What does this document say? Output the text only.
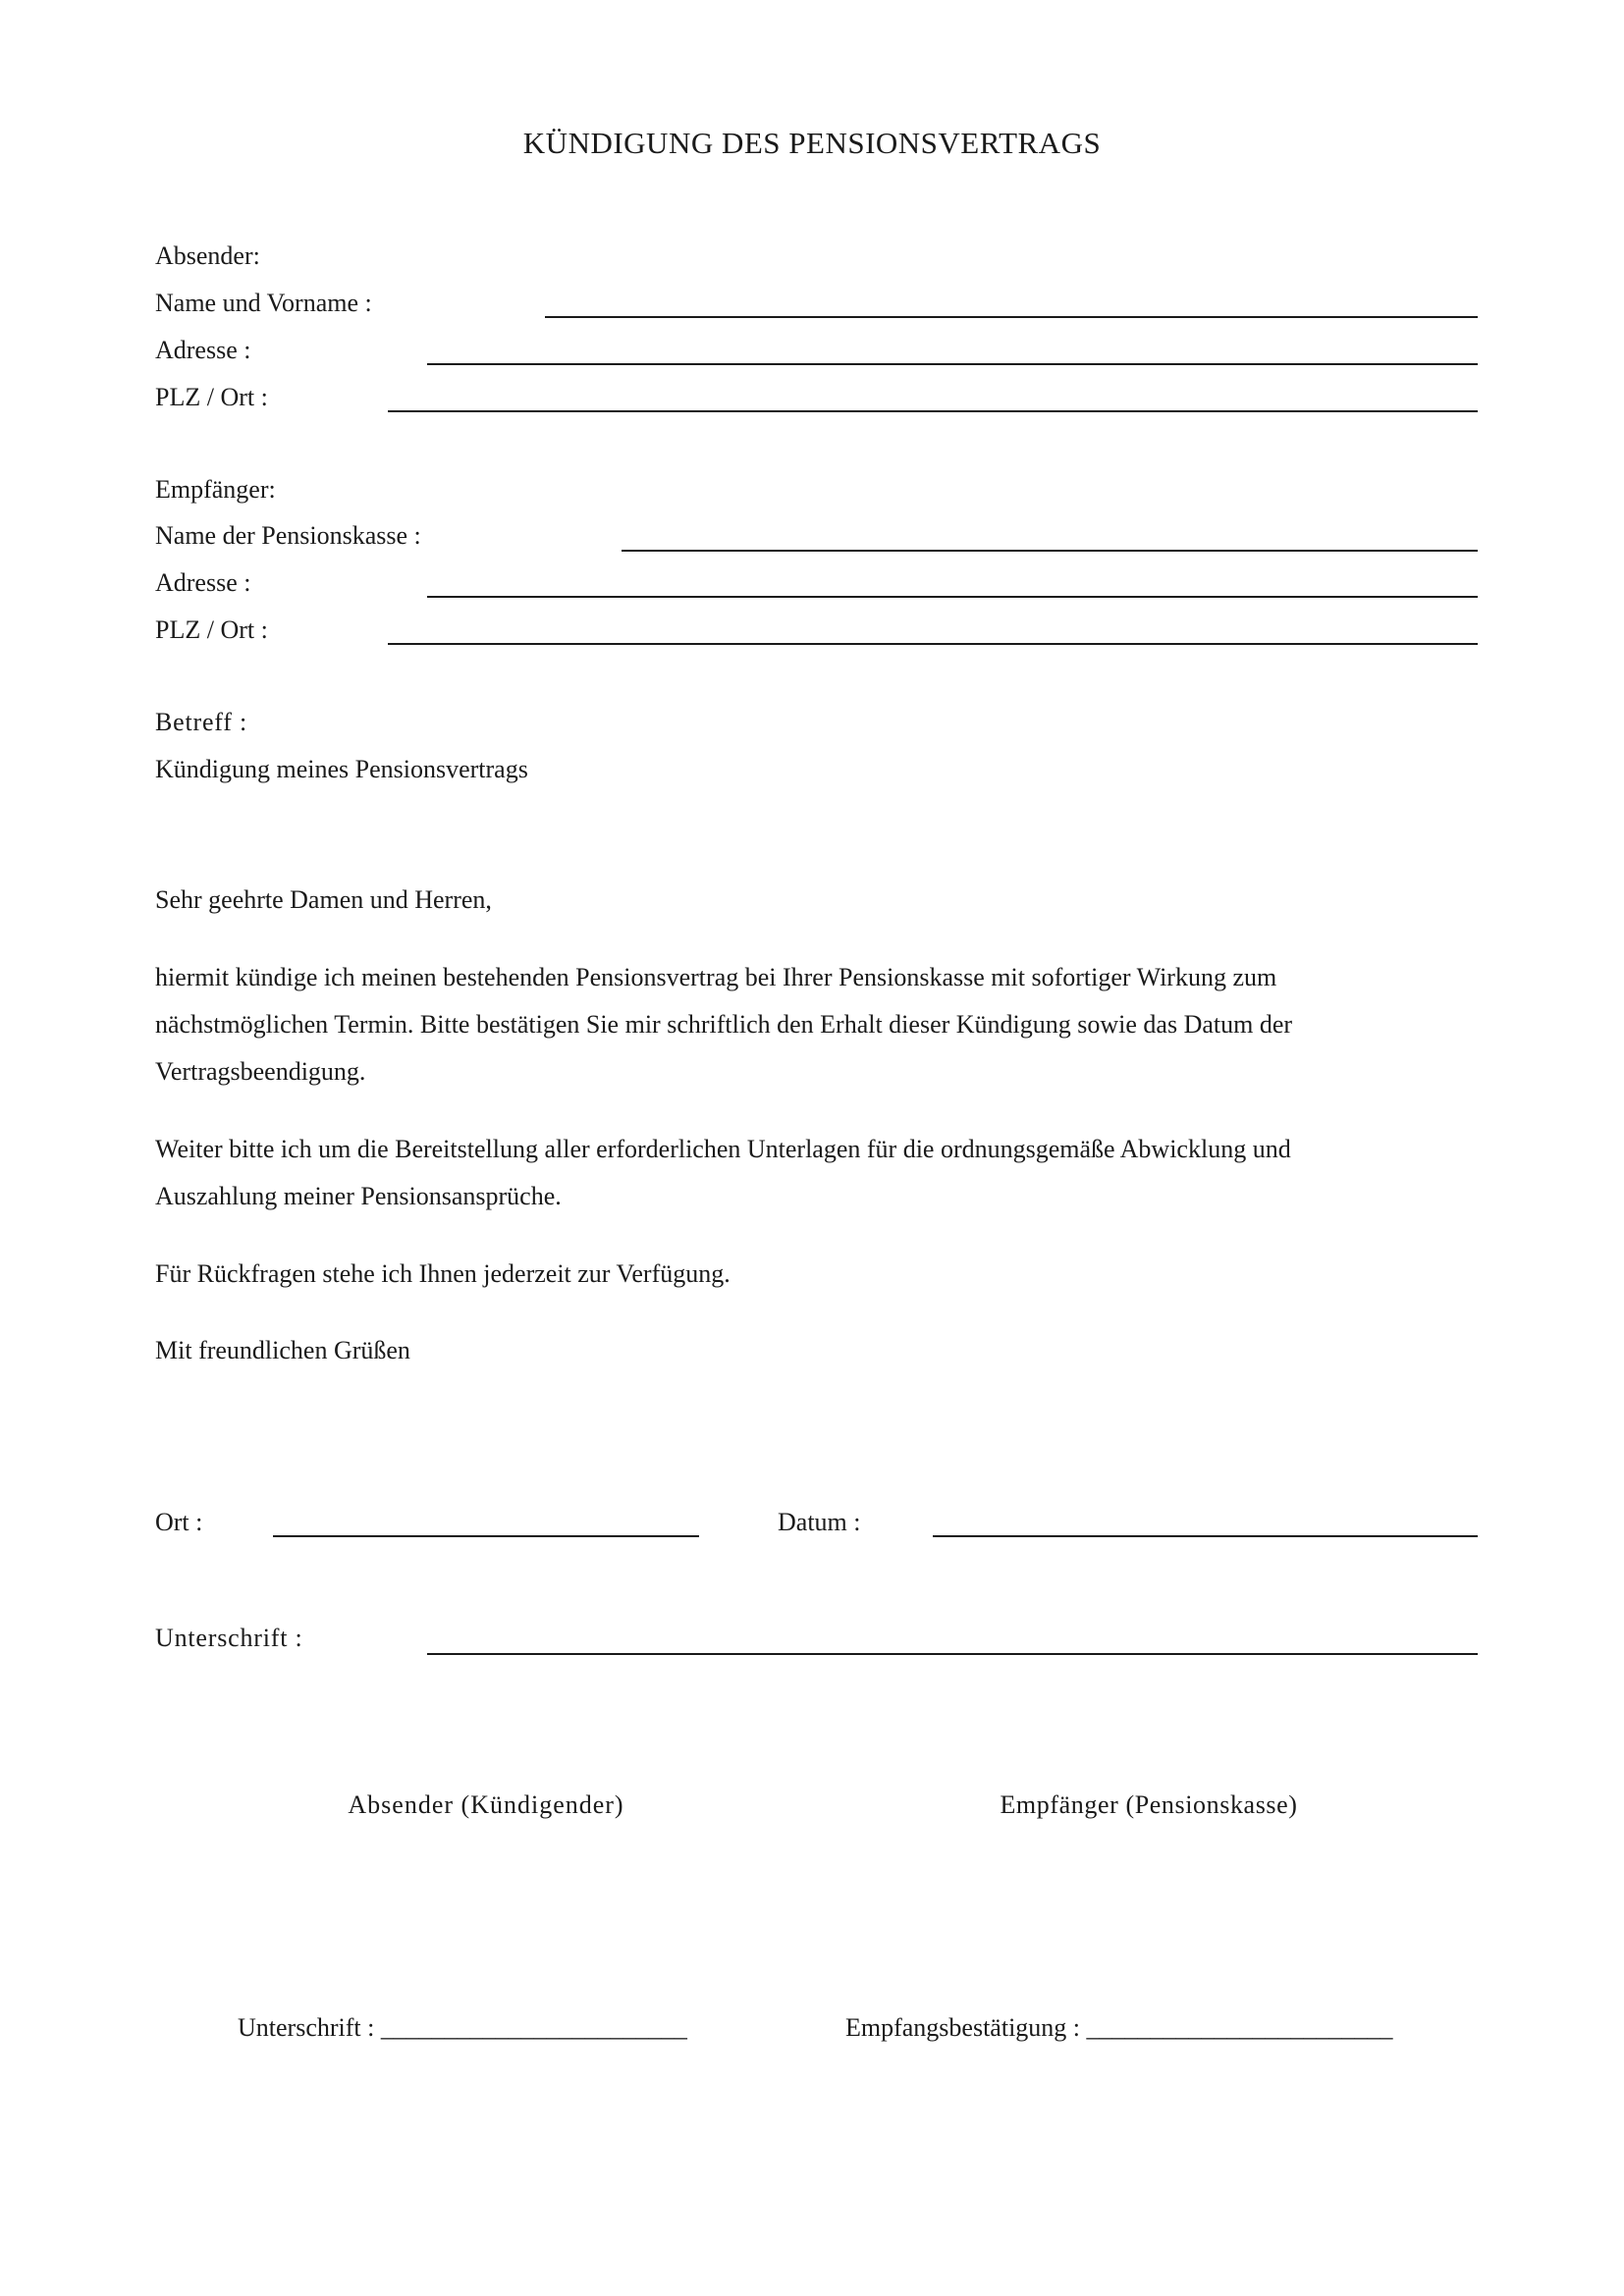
KÜNDIGUNG DES PENSIONSVERTRAGS
Absender:
Name und Vorname :
Adresse :
PLZ / Ort :
Empfänger:
Name der Pensionskasse :
Adresse :
PLZ / Ort :
Betreff :
Kündigung meines Pensionsvertrags
Sehr geehrte Damen und Herren,
hiermit kündige ich meinen bestehenden Pensionsvertrag bei Ihrer Pensionskasse mit sofortiger Wirkung zum
nächstmöglichen Termin. Bitte bestätigen Sie mir schriftlich den Erhalt dieser Kündigung sowie das Datum der
Vertragsbeendigung.
Weiter bitte ich um die Bereitstellung aller erforderlichen Unterlagen für die ordnungsgemäße Abwicklung und
Auszahlung meiner Pensionsansprüche.
Für Rückfragen stehe ich Ihnen jederzeit zur Verfügung.
Mit freundlichen Grüßen
Ort :	Datum :
Unterschrift :
Absender (Kündigender)	Empfänger (Pensionskasse)
Unterschrift : ________________________	Empfangsbestätigung : ________________________
